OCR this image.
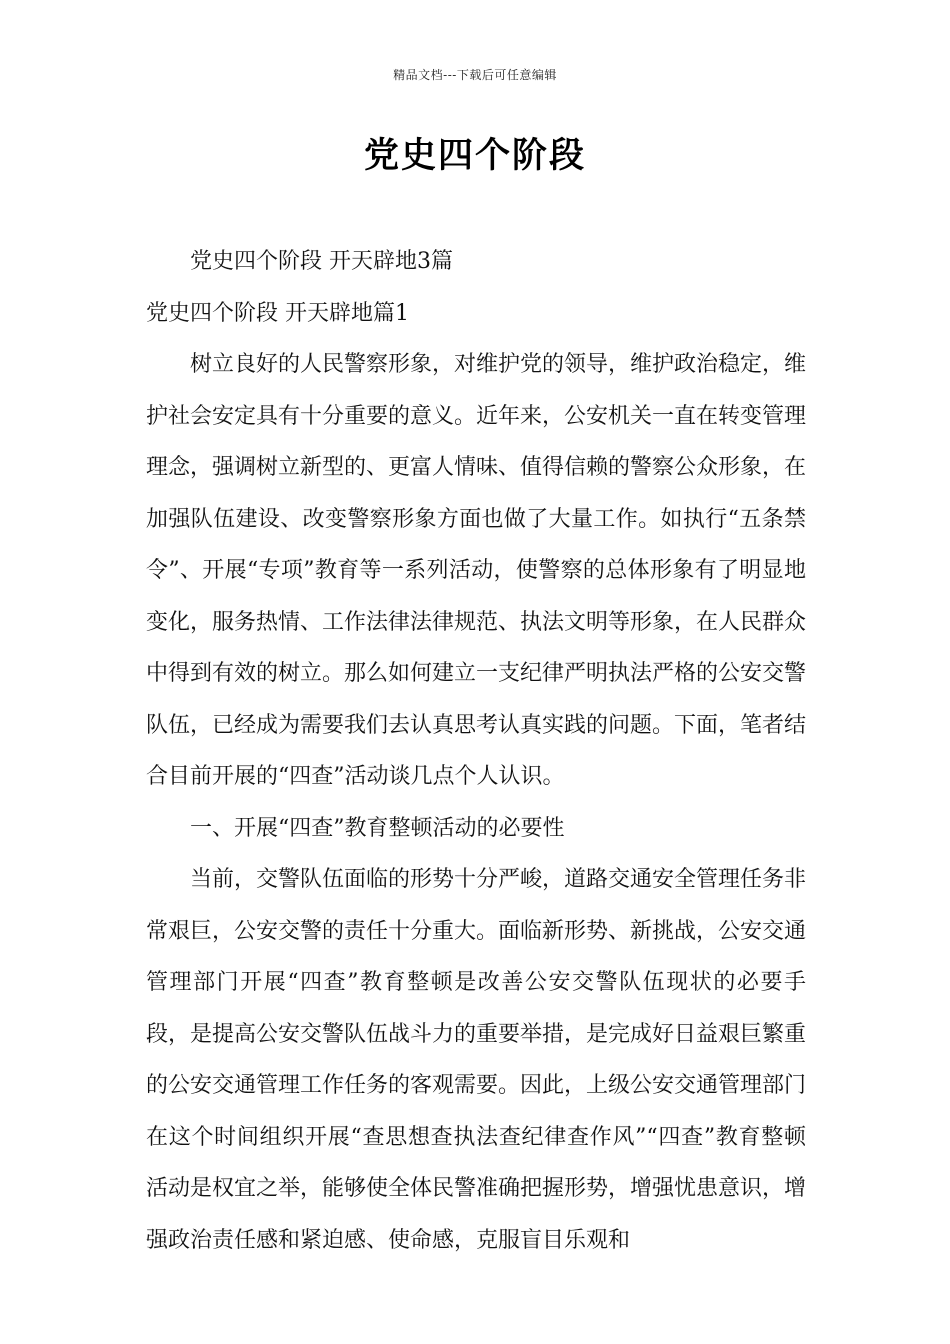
精品文档---下载后可任意编辑
党史四个阶段

党史四个阶段 开天辟地3篇

党史四个阶段 开天辟地篇1

树立良好的人民警察形象，对维护党的领导，维护政治稳定，维护社会安定具有十分重要的意义。近年来，公安机关一直在转变管理理念，强调树立新型的、更富人情味、值得信赖的警察公众形象，在加强队伍建设、改变警察形象方面也做了大量工作。如执行“五条禁令”、开展“专项”教育等一系列活动，使警察的总体形象有了明显地变化，服务热情、工作法律法律规范、执法文明等形象，在人民群众中得到有效的树立。那么如何建立一支纪律严明执法严格的公安交警队伍，已经成为需要我们去认真思考认真实践的问题。下面，笔者结合目前开展的“四查”活动谈几点个人认识。

一、开展“四查”教育整顿活动的必要性

当前，交警队伍面临的形势十分严峻，道路交通安全管理任务非常艰巨，公安交警的责任十分重大。面临新形势、新挑战，公安交通管理部门开展“四查”教育整顿是改善公安交警队伍现状的必要手段，是提高公安交警队伍战斗力的重要举措，是完成好日益艰巨繁重的公安交通管理工作任务的客观需要。因此，上级公安交通管理部门在这个时间组织开展“查思想查执法查纪律查作风”“四查”教育整顿活动是权宜之举，能够使全体民警准确把握形势，增强忧患意识，增强政治责任感和紧迫感、使命感，克服盲目乐观和
